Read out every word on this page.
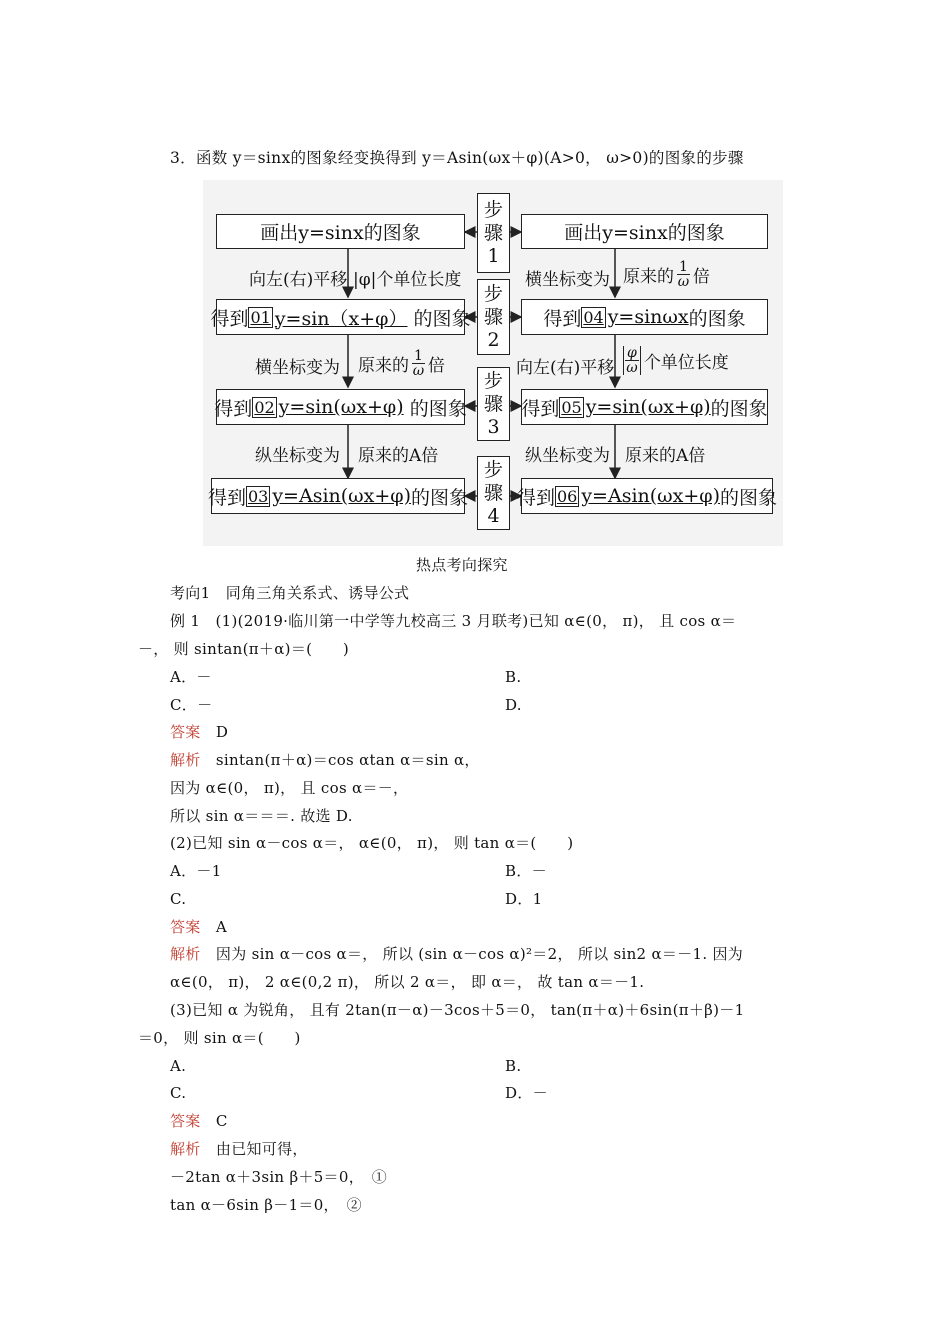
3．函数 y＝sinx的图象经变换得到 y＝Asin(ωx＋φ)(A>0， ω>0)的图象的步骤
步
骤
1
步
骤
2
步
骤
3
步
骤
4
画出y=sinx的图象
得到 01 y=sin（x+φ） 的图象
得到 02 y=sin(ωx+φ) 的图象
得到 03 y=Asin(ωx+φ) 的图象
画出y=sinx的图象
得到 04 y=sinωx 的图象
得到 05 y=sin(ωx+φ) 的图象
得到 06 y=Asin(ωx+φ) 的图象
向左(右)平移 |φ|个单位长度
横坐标变为 原来的 $\frac{1}{\omega}$ 倍
纵坐标变为 原来的A倍
横坐标变为 原来的 $\frac{1}{\omega}$ 倍
向左(右)平移 $\frac{\varphi}{\omega}$ 个单位长度
纵坐标变为 原来的A倍
热点考向探究
考向1　同角三角关系式、诱导公式
例 1　(1)(2019·临川第一中学等九校高三 3 月联考)已知 α∈(0， π)， 且 cos α＝
－， 则 sintan(π＋α)＝(　　)
A．－	B.
C．－	D.
答案　 D
解析　 sintan(π＋α)＝cos αtan α＝sin α，
因为 α∈(0， π)， 且 cos α＝－，
所以 sin α＝＝＝. 故选 D.
(2)已知 sin α－cos α＝， α∈(0， π)， 则 tan α＝(　　)
A．－1	B．－
C.	D．1
答案　 A
解析　 因为 sin α－cos α＝， 所以 (sin α－cos α)²＝2， 所以 sin2 α＝－1. 因为
α∈(0， π)， 2 α∈(0,2 π)， 所以 2 α＝， 即 α＝， 故 tan α＝－1.
(3)已知 α 为锐角， 且有 2tan(π－α)－3cos＋5＝0， tan(π＋α)＋6sin(π＋β)－1
＝0， 则 sin α＝(　　)
A.	B.
C.	D．－
答案　 C
解析　 由已知可得，
－2tan α＋3sin β＋5＝0，　①
tan α－6sin β－1＝0，　②
